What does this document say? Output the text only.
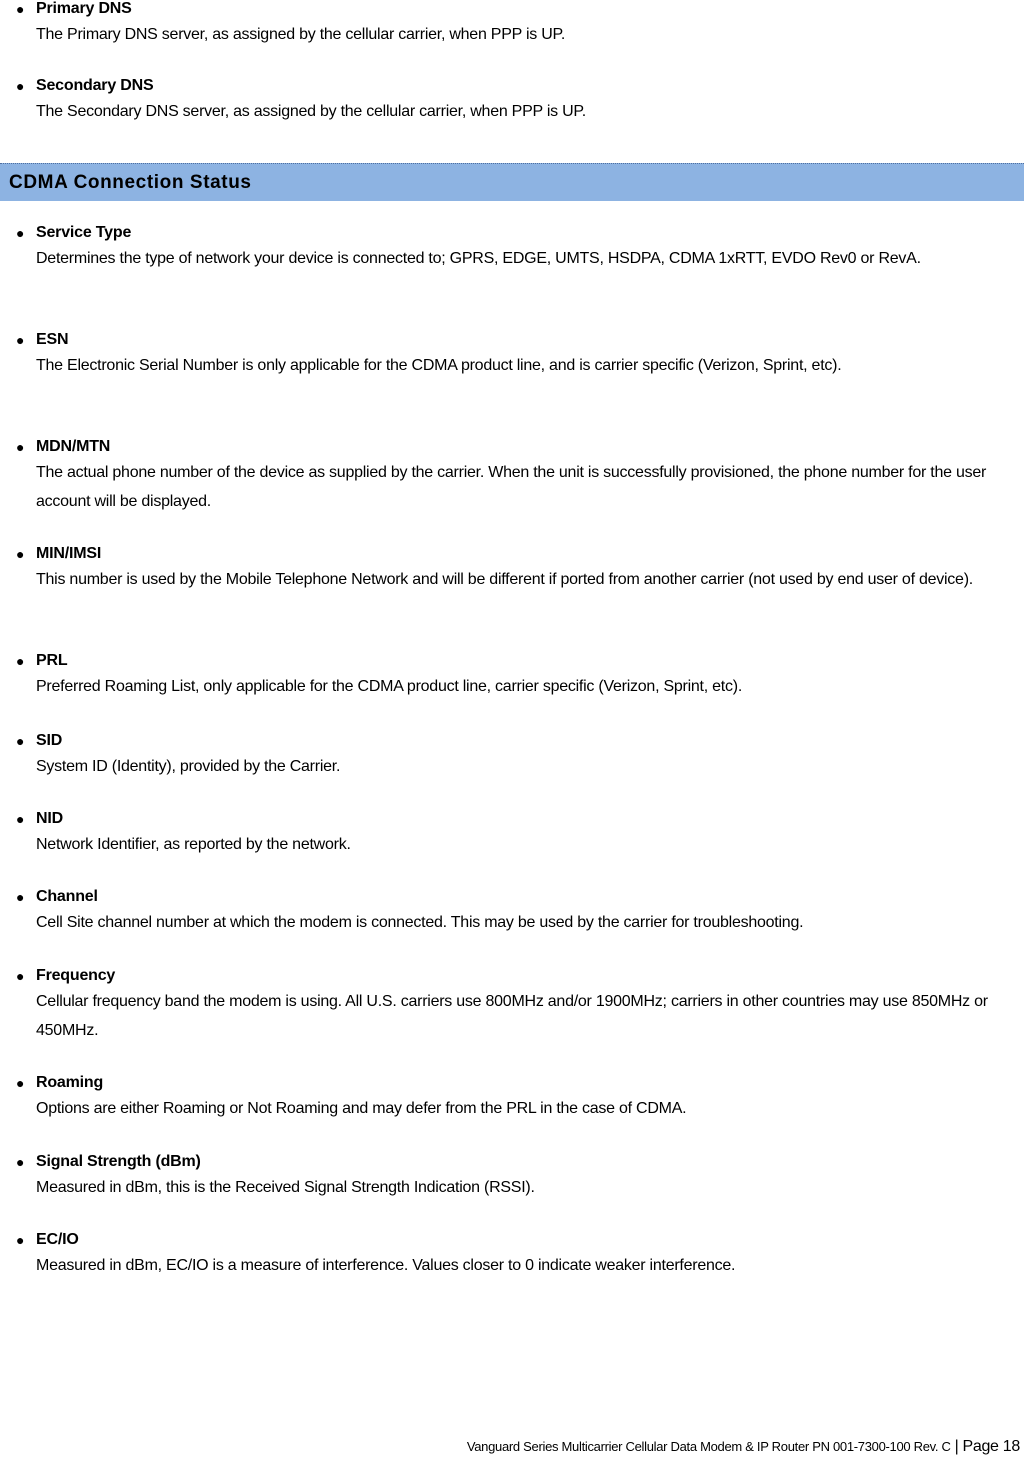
● Primary DNS
The Primary DNS server, as assigned by the cellular carrier, when PPP is UP.
● Secondary DNS
The Secondary DNS server, as assigned by the cellular carrier, when PPP is UP.
CDMA Connection Status
● Service Type
Determines the type of network your device is connected to; GPRS, EDGE, UMTS, HSDPA, CDMA 1xRTT, EVDO Rev0 or RevA.
● ESN
The Electronic Serial Number is only applicable for the CDMA product line, and is carrier specific (Verizon, Sprint, etc).
● MDN/MTN
The actual phone number of the device as supplied by the carrier. When the unit is successfully provisioned, the phone number for the user account will be displayed.
● MIN/IMSI
This number is used by the Mobile Telephone Network and will be different if ported from another carrier (not used by end user of device).
● PRL
Preferred Roaming List, only applicable for the CDMA product line, carrier specific (Verizon, Sprint, etc).
● SID
System ID (Identity), provided by the Carrier.
● NID
Network Identifier, as reported by the network.
● Channel
Cell Site channel number at which the modem is connected. This may be used by the carrier for troubleshooting.
● Frequency
Cellular frequency band the modem is using. All U.S. carriers use 800MHz and/or 1900MHz; carriers in other countries may use 850MHz or 450MHz.
● Roaming
Options are either Roaming or Not Roaming and may defer from the PRL in the case of CDMA.
● Signal Strength (dBm)
Measured in dBm, this is the Received Signal Strength Indication (RSSI).
● EC/IO
Measured in dBm, EC/IO is a measure of interference. Values closer to 0 indicate weaker interference.
Vanguard Series Multicarrier Cellular Data Modem & IP Router PN 001-7300-100 Rev. C | Page 18
